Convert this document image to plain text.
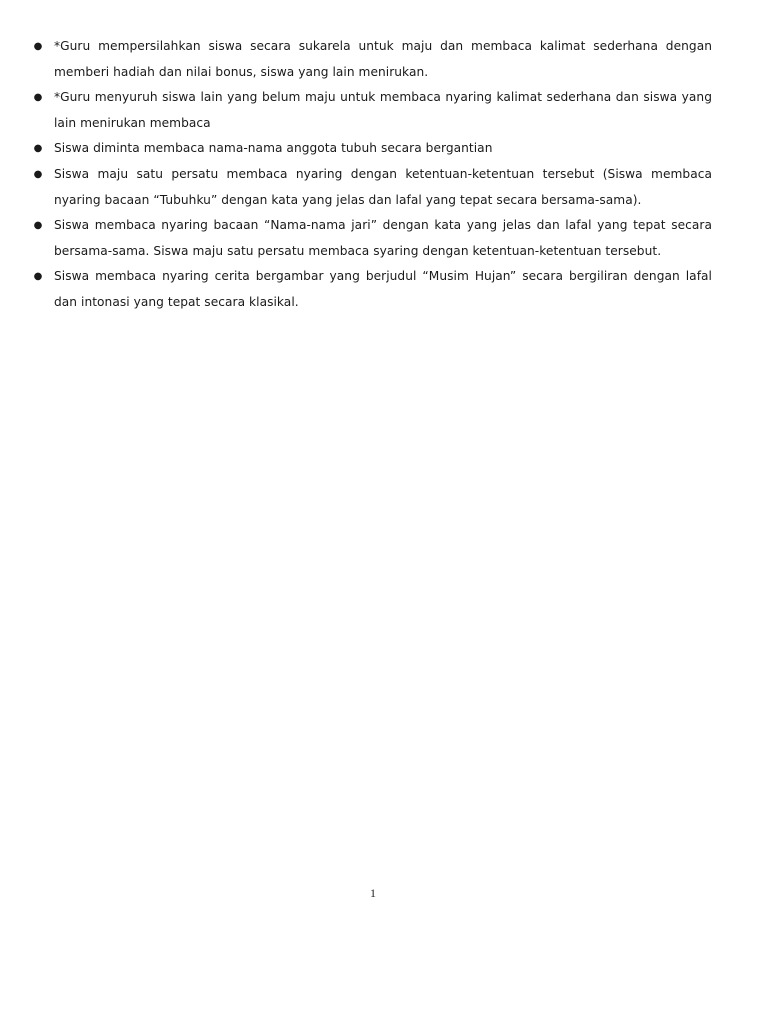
● *Guru mempersilahkan siswa secara sukarela untuk maju dan membaca kalimat sederhana dengan memberi hadiah dan nilai bonus, siswa yang lain menirukan.
● *Guru menyuruh siswa lain yang belum maju untuk membaca nyaring kalimat sederhana dan siswa yang lain menirukan membaca
● Siswa diminta membaca nama-nama anggota tubuh secara bergantian
● Siswa maju satu persatu membaca nyaring dengan ketentuan-ketentuan tersebut (Siswa membaca nyaring bacaan “Tubuhku” dengan kata yang jelas dan lafal yang tepat secara bersama-sama).
● Siswa membaca nyaring bacaan “Nama-nama jari” dengan kata yang jelas dan lafal yang tepat secara bersama-sama. Siswa maju satu persatu membaca syaring dengan ketentuan-ketentuan tersebut.
● Siswa membaca nyaring cerita bergambar yang berjudul “Musim Hujan” secara bergiliran dengan lafal dan intonasi yang tepat secara klasikal.
1
